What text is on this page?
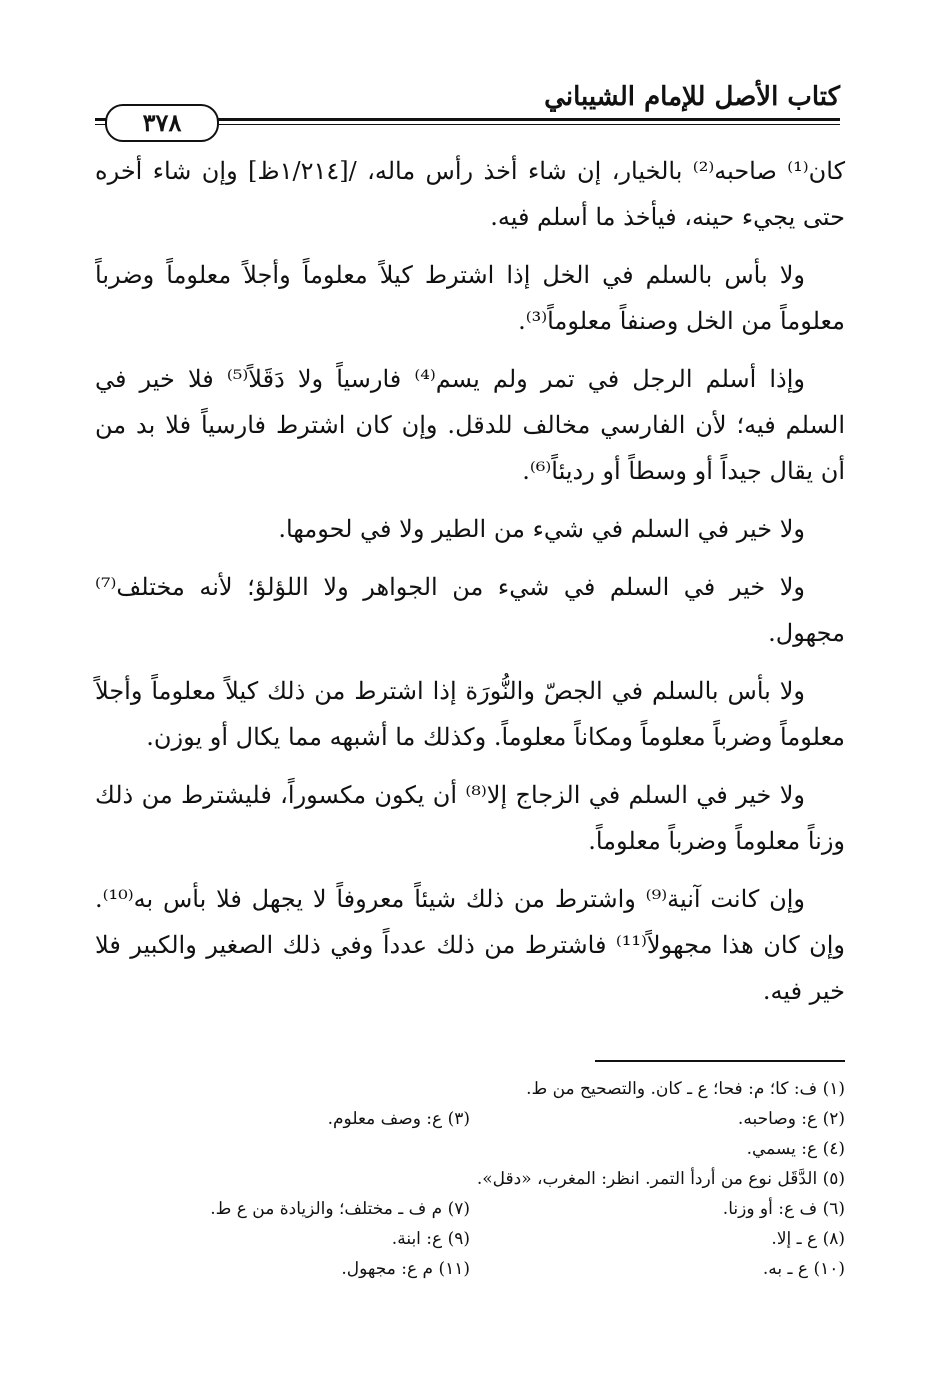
كتاب الأصل للإمام الشيباني
٣٧٨

كان⁽¹⁾ صاحبه⁽²⁾ بالخيار، إن شاء أخذ رأس ماله، /[١/٢١٤ظ] وإن شاء أخره حتى يجيء حينه، فيأخذ ما أسلم فيه.

ولا بأس بالسلم في الخل إذا اشترط كيلاً معلوماً وأجلاً معلوماً وضرباً معلوماً من الخل وصنفاً معلوماً⁽³⁾.

وإذا أسلم الرجل في تمر ولم يسم⁽⁴⁾ فارسياً ولا دَقَلاً⁽⁵⁾ فلا خير في السلم فيه؛ لأن الفارسي مخالف للدقل. وإن كان اشترط فارسياً فلا بد من أن يقال جيداً أو وسطاً أو رديئاً⁽⁶⁾.

ولا خير في السلم في شيء من الطير ولا في لحومها.

ولا خير في السلم في شيء من الجواهر ولا اللؤلؤ؛ لأنه مختلف⁽⁷⁾ مجهول.

ولا بأس بالسلم في الجصّ والنُّورَة إذا اشترط من ذلك كيلاً معلوماً وأجلاً معلوماً وضرباً معلوماً ومكاناً معلوماً. وكذلك ما أشبهه مما يكال أو يوزن.

ولا خير في السلم في الزجاج إلا⁽⁸⁾ أن يكون مكسوراً، فليشترط من ذلك وزناً معلوماً وضرباً معلوماً.

وإن كانت آنية⁽⁹⁾ واشترط من ذلك شيئاً معروفاً لا يجهل فلا بأس به⁽¹⁰⁾. وإن كان هذا مجهولاً⁽¹¹⁾ فاشترط من ذلك عدداً وفي ذلك الصغير والكبير فلا خير فيه.

(١) ف: كا؛ م: فحا؛ ع ـ كان. والتصحيح من ط.
(٢) ع: وصاحبه.
(٣) ع: وصف معلوم.
(٤) ع: يسمي.
(٥) الدَّقَل نوع من أردأ التمر. انظر: المغرب، «دقل».
(٦) ف ع: أو وزنا.
(٧) م ف ـ مختلف؛ والزيادة من ع ط.
(٨) ع ـ إلا.
(٩) ع: ابنة.
(١٠) ع ـ به.
(١١) م ع: مجهول.
